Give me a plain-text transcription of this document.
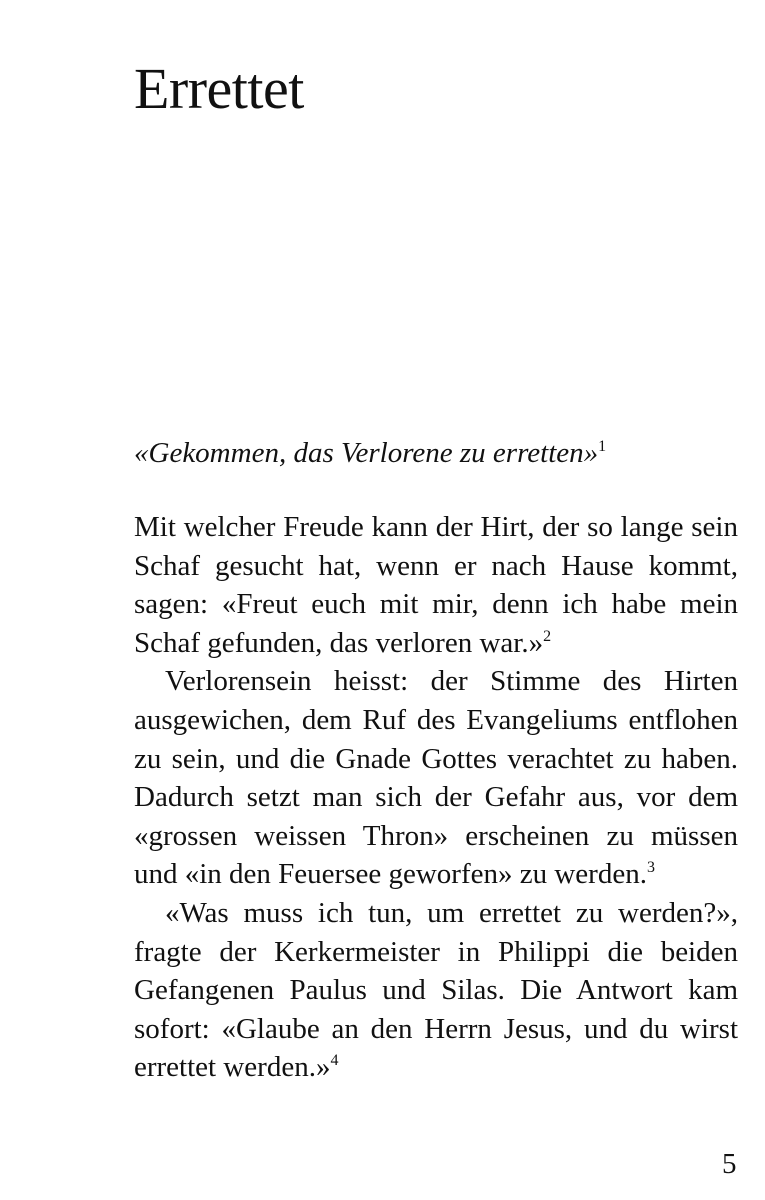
Errettet
«Gekommen, das Verlorene zu erretten»$^1$

Mit welcher Freude kann der Hirt, der so lange sein Schaf gesucht hat, wenn er nach Hause kommt, sagen: «Freut euch mit mir, denn ich habe mein Schaf gefunden, das verloren war.»$^2$

Verlorensein heisst: der Stimme des Hirten ausgewichen, dem Ruf des Evangeliums entflohen zu sein, und die Gnade Gottes verachtet zu haben. Dadurch setzt man sich der Gefahr aus, vor dem «grossen weissen Thron» erscheinen zu müssen und «in den Feuersee geworfen» zu werden.$^3$

«Was muss ich tun, um errettet zu werden?», fragte der Kerkermeister in Philippi die beiden Gefangenen Paulus und Silas. Die Antwort kam sofort: «Glaube an den Herrn Jesus, und du wirst errettet werden.»$^4$

5
